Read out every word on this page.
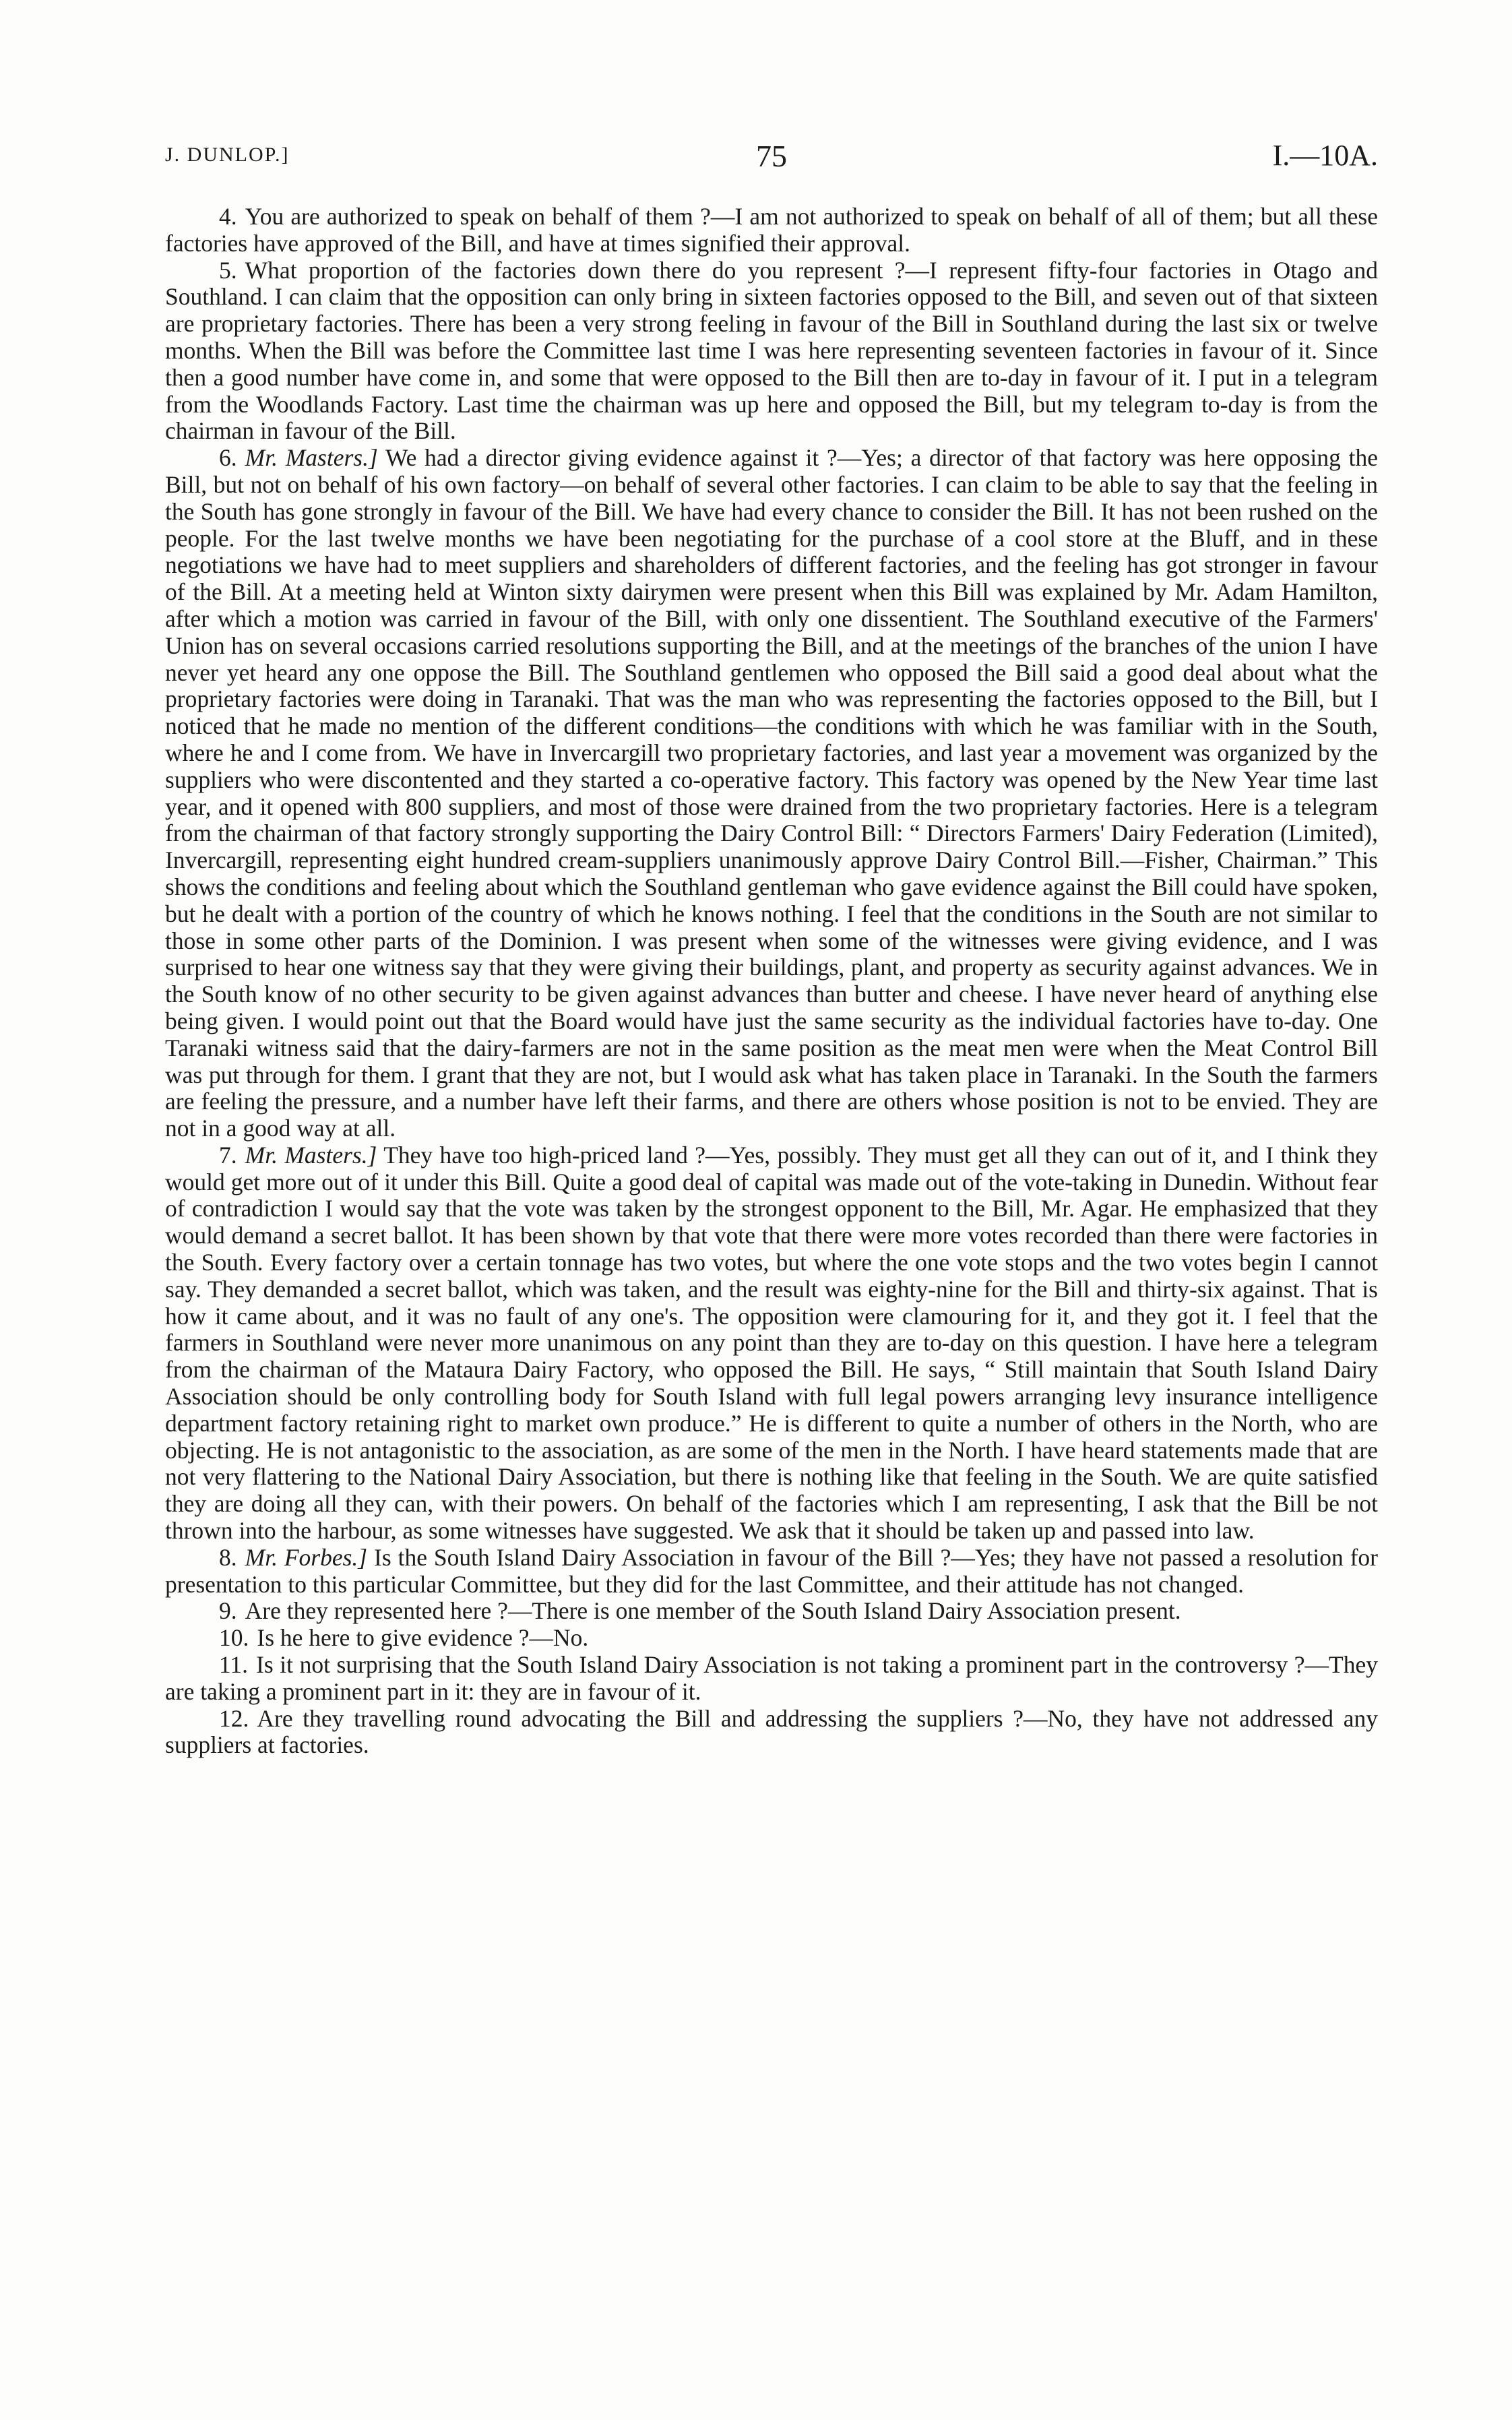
J. DUNLOP.]	75	I.—10A.

4. You are authorized to speak on behalf of them ?—I am not authorized to speak on behalf of all of them; but all these factories have approved of the Bill, and have at times signified their approval.

5. What proportion of the factories down there do you represent ?—I represent fifty-four factories in Otago and Southland. I can claim that the opposition can only bring in sixteen factories opposed to the Bill, and seven out of that sixteen are proprietary factories. There has been a very strong feeling in favour of the Bill in Southland during the last six or twelve months. When the Bill was before the Committee last time I was here representing seventeen factories in favour of it. Since then a good number have come in, and some that were opposed to the Bill then are to-day in favour of it. I put in a telegram from the Woodlands Factory. Last time the chairman was up here and opposed the Bill, but my telegram to-day is from the chairman in favour of the Bill.

6. Mr. Masters.] We had a director giving evidence against it ?—Yes; a director of that factory was here opposing the Bill, but not on behalf of his own factory—on behalf of several other factories. I can claim to be able to say that the feeling in the South has gone strongly in favour of the Bill. We have had every chance to consider the Bill. It has not been rushed on the people. For the last twelve months we have been negotiating for the purchase of a cool store at the Bluff, and in these negotiations we have had to meet suppliers and shareholders of different factories, and the feeling has got stronger in favour of the Bill. At a meeting held at Winton sixty dairymen were present when this Bill was explained by Mr. Adam Hamilton, after which a motion was carried in favour of the Bill, with only one dissentient. The Southland executive of the Farmers' Union has on several occasions carried resolutions supporting the Bill, and at the meetings of the branches of the union I have never yet heard any one oppose the Bill. The Southland gentlemen who opposed the Bill said a good deal about what the proprietary factories were doing in Taranaki. That was the man who was representing the factories opposed to the Bill, but I noticed that he made no mention of the different conditions—the conditions with which he was familiar with in the South, where he and I come from. We have in Invercargill two proprietary factories, and last year a movement was organized by the suppliers who were discontented and they started a co-operative factory. This factory was opened by the New Year time last year, and it opened with 800 suppliers, and most of those were drained from the two proprietary factories. Here is a telegram from the chairman of that factory strongly supporting the Dairy Control Bill: “ Directors Farmers' Dairy Federation (Limited), Invercargill, representing eight hundred cream-suppliers unanimously approve Dairy Control Bill.—Fisher, Chairman.” This shows the conditions and feeling about which the Southland gentleman who gave evidence against the Bill could have spoken, but he dealt with a portion of the country of which he knows nothing. I feel that the conditions in the South are not similar to those in some other parts of the Dominion. I was present when some of the witnesses were giving evidence, and I was surprised to hear one witness say that they were giving their buildings, plant, and property as security against advances. We in the South know of no other security to be given against advances than butter and cheese. I have never heard of anything else being given. I would point out that the Board would have just the same security as the individual factories have to-day. One Taranaki witness said that the dairy-farmers are not in the same position as the meat men were when the Meat Control Bill was put through for them. I grant that they are not, but I would ask what has taken place in Taranaki. In the South the farmers are feeling the pressure, and a number have left their farms, and there are others whose position is not to be envied. They are not in a good way at all.

7. Mr. Masters.] They have too high-priced land ?—Yes, possibly. They must get all they can out of it, and I think they would get more out of it under this Bill. Quite a good deal of capital was made out of the vote-taking in Dunedin. Without fear of contradiction I would say that the vote was taken by the strongest opponent to the Bill, Mr. Agar. He emphasized that they would demand a secret ballot. It has been shown by that vote that there were more votes recorded than there were factories in the South. Every factory over a certain tonnage has two votes, but where the one vote stops and the two votes begin I cannot say. They demanded a secret ballot, which was taken, and the result was eighty-nine for the Bill and thirty-six against. That is how it came about, and it was no fault of any one's. The opposition were clamouring for it, and they got it. I feel that the farmers in Southland were never more unanimous on any point than they are to-day on this question. I have here a telegram from the chairman of the Mataura Dairy Factory, who opposed the Bill. He says, “ Still maintain that South Island Dairy Association should be only controlling body for South Island with full legal powers arranging levy insurance intelligence department factory retaining right to market own produce.” He is different to quite a number of others in the North, who are objecting. He is not antagonistic to the association, as are some of the men in the North. I have heard statements made that are not very flattering to the National Dairy Association, but there is nothing like that feeling in the South. We are quite satisfied they are doing all they can, with their powers. On behalf of the factories which I am representing, I ask that the Bill be not thrown into the harbour, as some witnesses have suggested. We ask that it should be taken up and passed into law.

8. Mr. Forbes.] Is the South Island Dairy Association in favour of the Bill ?—Yes; they have not passed a resolution for presentation to this particular Committee, but they did for the last Committee, and their attitude has not changed.

9. Are they represented here ?—There is one member of the South Island Dairy Association present.

10. Is he here to give evidence ?—No.

11. Is it not surprising that the South Island Dairy Association is not taking a prominent part in the controversy ?—They are taking a prominent part in it: they are in favour of it.

12. Are they travelling round advocating the Bill and addressing the suppliers ?—No, they have not addressed any suppliers at factories.
